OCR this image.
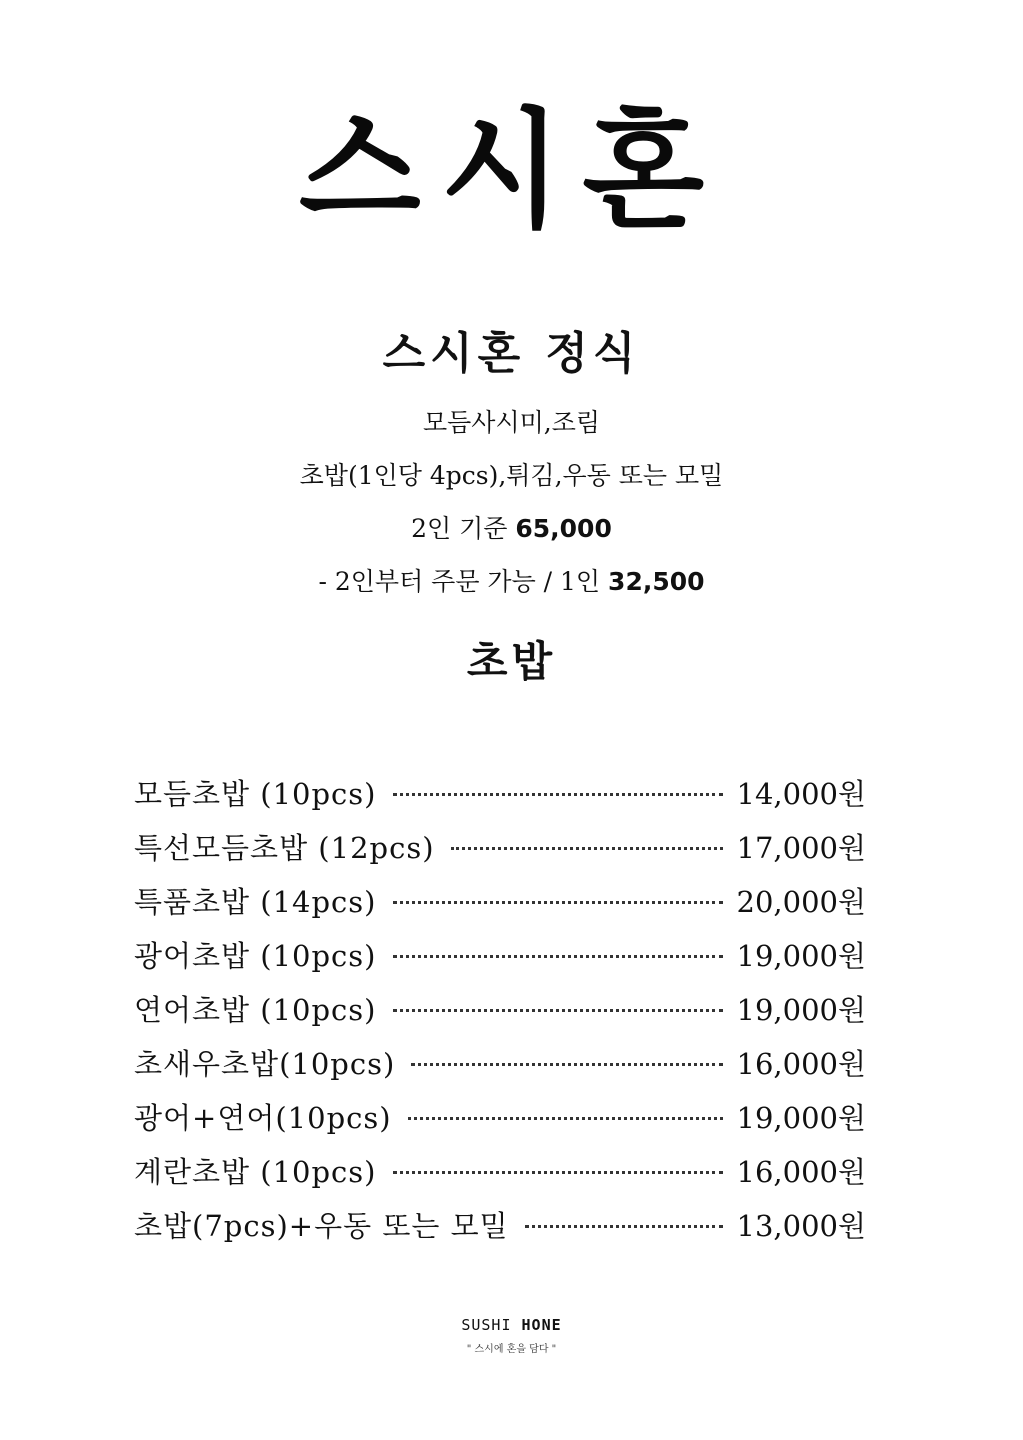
스시혼
스시혼 정식

모듬사시미,조림

초밥(1인당 4pcs),튀김,우동 또는 모밀

2인 기준 65,000

- 2인부터 주문 가능 / 1인 32,500

초밥
모듬초밥 (10pcs)	14,000원
특선모듬초밥 (12pcs)	17,000원
특품초밥 (14pcs)	20,000원
광어초밥 (10pcs)	19,000원
연어초밥 (10pcs)	19,000원
초새우초밥(10pcs)	16,000원
광어+연어(10pcs)	19,000원
계란초밥 (10pcs)	16,000원
초밥(7pcs)+우동 또는 모밀	13,000원

SUSHI HONE

" 스시에 혼을 담다 "
